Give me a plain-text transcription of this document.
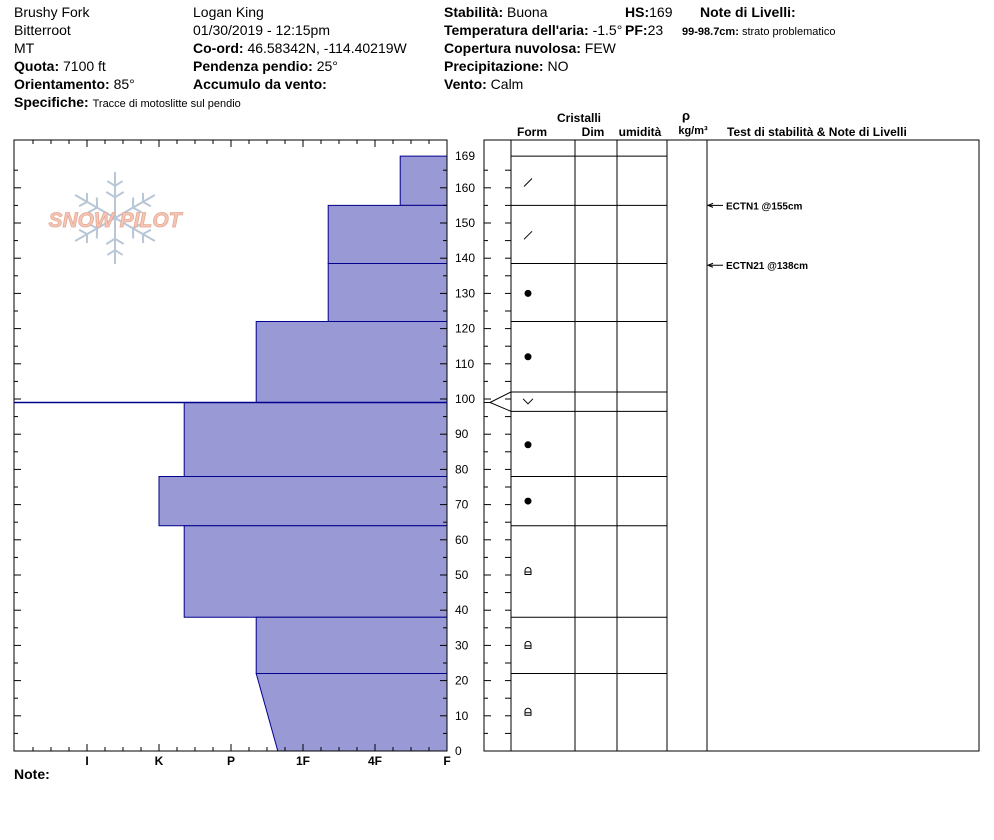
Brushy Fork
Bitterroot
MT
Quota: 7100 ft
Orientamento: 85°
Specifiche: Tracce di motoslitte sul pendio
Logan King
01/30/2019 - 12:15pm
Co-ord: 46.58342N, -114.40219W
Pendenza pendio: 25°
Accumulo da vento:
Stabilità: Buona
Temperatura dell'aria: -1.5°
Copertura nuvolosa: FEW
Precipitazione: NO
Vento: Calm
HS:169
PF:23
Note di Livelli:
99-98.7cm: strato problematico
Note:
SNOW PILOT
I	K	P	1F	4F	F
0
10
20
30
40
50
60
70
80
90
100
110
120
130
140
150
160
169
Cristalli
Form	Dim umidità
ρ
kg/m³ Test di stabilità & Note di Livelli
ECTN1 @155cm
ECTN21 @138cm
